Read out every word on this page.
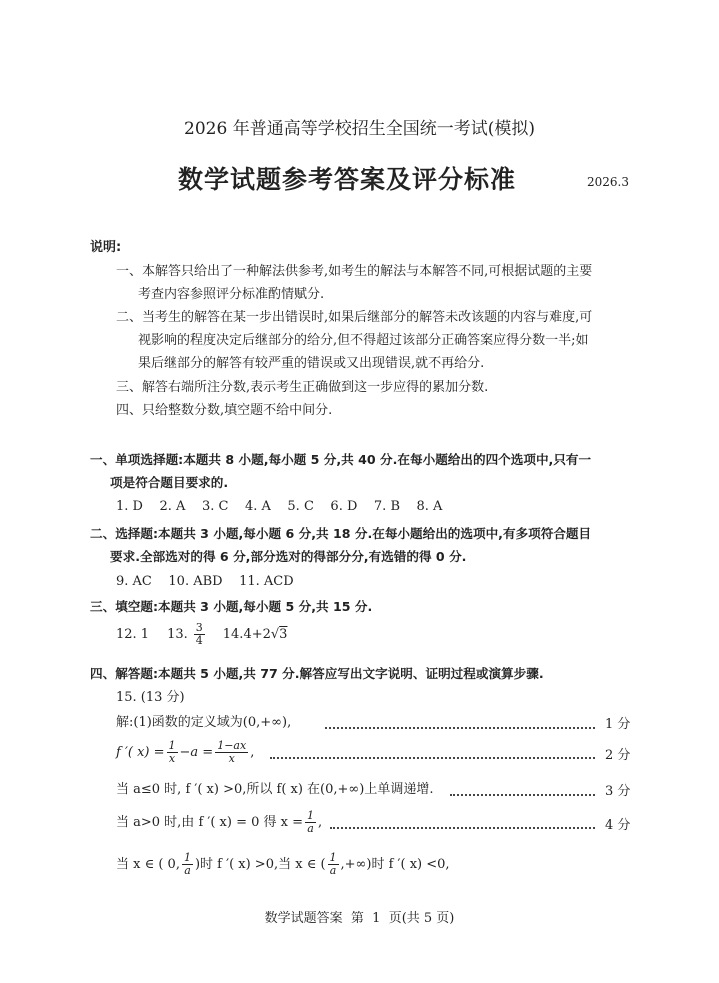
2026 年普通高等学校招生全国统一考试(模拟)
数学试题参考答案及评分标准	2026.3
说明:
一、本解答只给出了一种解法供参考,如考生的解法与本解答不同,可根据试题的主要
考查内容参照评分标准酌情赋分.
二、当考生的解答在某一步出错误时,如果后继部分的解答未改该题的内容与难度,可
视影响的程度决定后继部分的给分,但不得超过该部分正确答案应得分数一半;如
果后继部分的解答有较严重的错误或又出现错误,就不再给分.
三、解答右端所注分数,表示考生正确做到这一步应得的累加分数.
四、只给整数分数,填空题不给中间分.
一、单项选择题:本题共 8 小题,每小题 5 分,共 40 分.在每小题给出的四个选项中,只有一
项是符合题目要求的.
1. D    2. A    3. C    4. A    5. C    6. D    7. B    8. A
二、选择题:本题共 3 小题,每小题 6 分,共 18 分.在每小题给出的选项中,有多项符合题目
要求.全部选对的得 6 分,部分选对的得部分分,有选错的得 0 分.
9. AC    10. ABD    11. ACD
三、填空题:本题共 3 小题,每小题 5 分,共 15 分.
12. 1 13. $\frac{3}{4} 14.4+2√3$
四、解答题:本题共 5 小题,共 77 分.解答应写出文字说明、证明过程或演算步骤.
15. (13 分)
解:(1)函数的定义域为(0,+∞),	1 分
f ′( $x) = \frac{1}{x} -a = \frac{1-ax}{x}$ ,	2 分
当 a≤0 时, f ′( x) >0,所以 f( x) 在(0,+∞)上单调递增.	3 分
当 a>0 时,由 f ′( x) = 0 得 $x = \frac{1}{a}$ ,	4 分
当 x ∈ ( 0, $\frac{1}{a}$ )时 f ′( x) >0,当 x ∈ ( $\frac{1}{a}$ ,+∞)时 f ′( x) <0,
数学试题答案  第  1  页(共 5 页)
